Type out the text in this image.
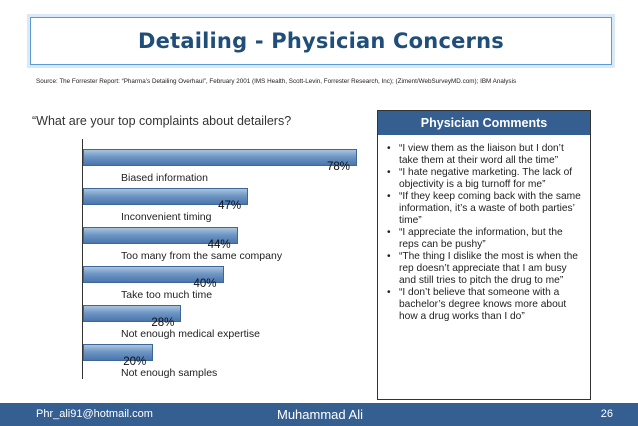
Detailing - Physician Concerns
Source: The Forrester Report: “Pharma’s Detailing Overhaul”, February 2001 (IMS Health, Scott-Levin, Forrester Research, Inc); (Ziment/WebSurveyMD.com); IBM Analysis
“What are your top complaints about detailers?
78%
Biased information
47%
Inconvenient timing
44%
Too many from the same company
40%
Take too much time
28%
Not enough medical expertise
20%
Not enough samples
Physician Comments
• “I view them as the liaison but I don’t take them at their word all the time”
• “I hate negative marketing. The lack of objectivity is a big turnoff for me”
• “If they keep coming back with the same information, it’s a waste of both parties’ time”
• “I appreciate the information, but the reps can be pushy”
• “The thing I dislike the most is when the rep doesn’t appreciate that I am busy and still tries to pitch the drug to me”
• “I don’t believe that someone with a bachelor’s degree knows more about how a drug works than I do”
Phr_ali91@hotmail.com	Muhammad Ali	26
